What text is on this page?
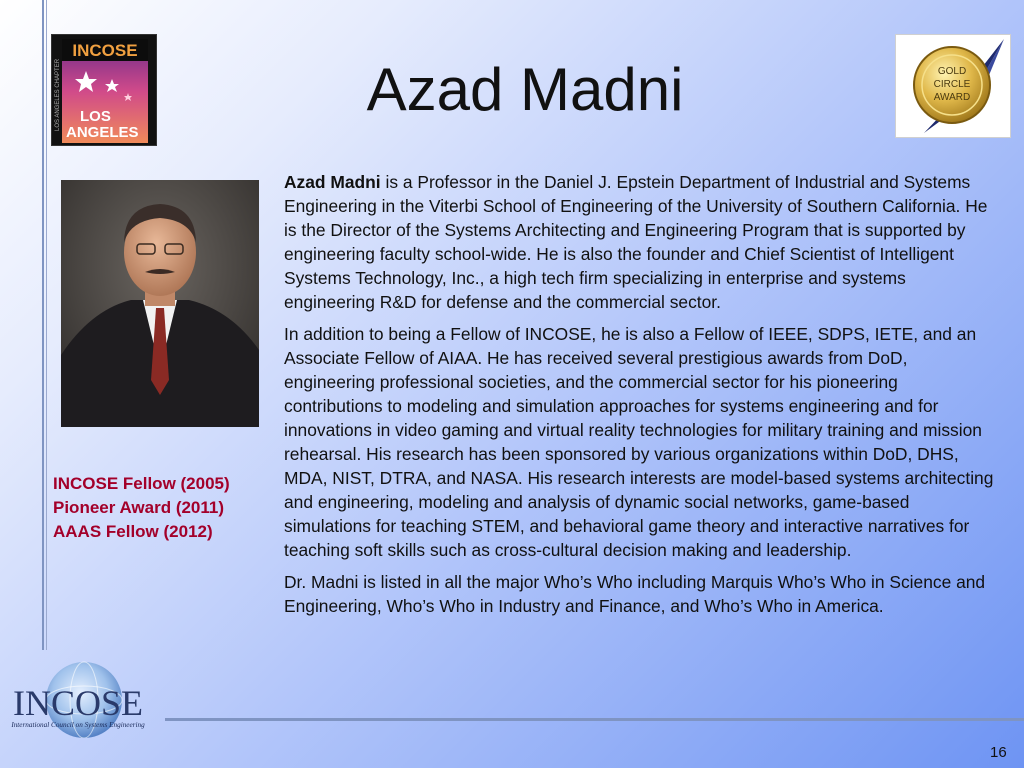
INCOSE
LOS
ANGELES
LOS ANGELES CHAPTER	GOLD
CIRCLE
AWARD
Azad Madni
INCOSE Fellow (2005)
Pioneer Award (2011)
AAAS Fellow (2012)

Azad Madni is a Professor in the Daniel J. Epstein Department of Industrial and Systems Engineering in the Viterbi School of Engineering of the University of Southern California. He is the Director of the Systems Architecting and Engineering Program that is supported by engineering faculty school-wide. He is also the founder and Chief Scientist of Intelligent Systems Technology, Inc., a high tech firm specializing in enterprise and systems engineering R&D for defense and the commercial sector.

In addition to being a Fellow of INCOSE, he is also a Fellow of IEEE, SDPS, IETE, and an Associate Fellow of AIAA. He has received several prestigious awards from DoD, engineering professional societies, and the commercial sector for his pioneering contributions to modeling and simulation approaches for systems engineering and for innovations in video gaming and virtual reality technologies for military training and mission rehearsal. His research has been sponsored by various organizations within DoD, DHS, MDA, NIST, DTRA, and NASA. His research interests are model-based systems architecting and engineering, modeling and analysis of dynamic social networks, game-based simulations for teaching STEM, and behavioral game theory and interactive narratives for teaching soft skills such as cross-cultural decision making and leadership.

Dr. Madni is listed in all the major Who’s Who including Marquis Who’s Who in Science and Engineering, Who’s Who in Industry and Finance, and Who’s Who in America.

INCOSE
International Council on Systems Engineering
16
